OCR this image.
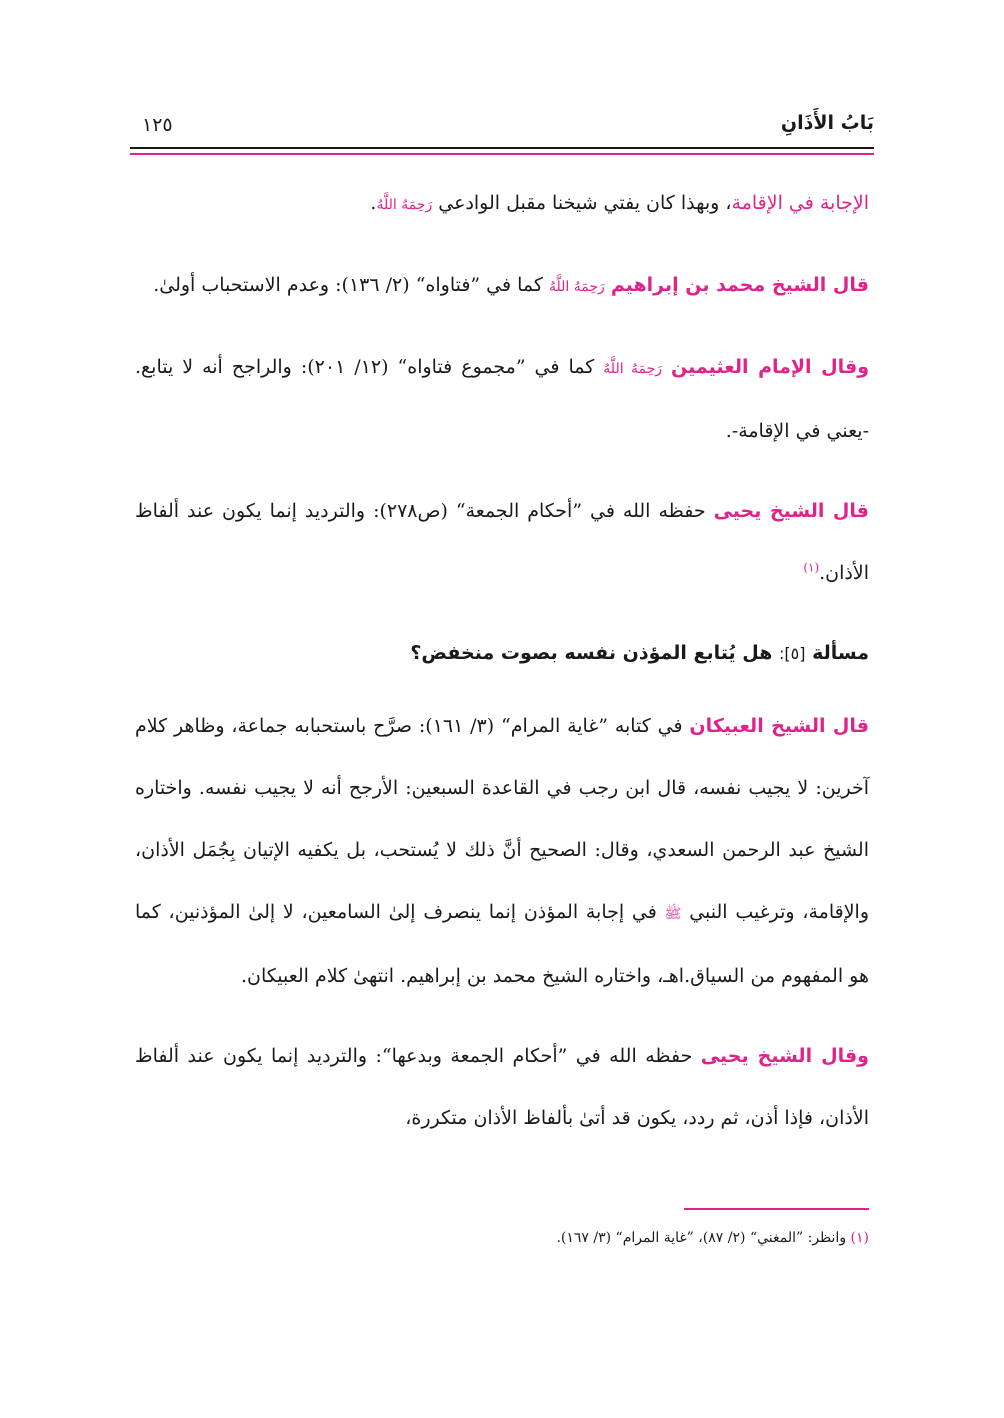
بَابُ الأَذَانِ
١٢٥

الإجابة في الإقامة، وبهذا كان يفتي شيخنا مقبل الوادعي رَحِمَهُ اللَّهُ.

قال الشيخ محمد بن إبراهيم رَحِمَهُ اللَّهُ كما في ”فتاواه“ (٢/ ١٣٦): وعدم الاستحباب أولىٰ.

وقال الإمام العثيمين رَحِمَهُ اللَّهُ كما في ”مجموع فتاواه“ (١٢/ ٢٠١): والراجح أنه لا يتابع. -يعني في الإقامة-.

قال الشيخ يحيى حفظه الله في ”أحكام الجمعة“ (ص٢٧٨): والترديد إنما يكون عند ألفاظ الأذان.$^{(١)}$

مسألة [٥]: هل يُتابع المؤذن نفسه بصوت منخفض؟

قال الشيخ العبيكان في كتابه ”غاية المرام“ (٣/ ١٦١): صرَّح باستحبابه جماعة، وظاهر كلام آخرين: لا يجيب نفسه، قال ابن رجب في القاعدة السبعين: الأرجح أنه لا يجيب نفسه. واختاره الشيخ عبد الرحمن السعدي، وقال: الصحيح أنَّ ذلك لا يُستحب، بل يكفيه الإتيان بِجُمَل الأذان، والإقامة، وترغيب النبي ﷺ في إجابة المؤذن إنما ينصرف إلىٰ السامعين، لا إلىٰ المؤذنين، كما هو المفهوم من السياق.اهـ، واختاره الشيخ محمد بن إبراهيم. انتهىٰ كلام العبيكان.

وقال الشيخ يحيى حفظه الله في ”أحكام الجمعة وبدعها“: والترديد إنما يكون عند ألفاظ الأذان، فإذا أذن، ثم ردد، يكون قد أتىٰ بألفاظ الأذان متكررة،

(١) وانظر: ”المغني“ (٢/ ٨٧)، ”غاية المرام“ (٣/ ١٦٧).
